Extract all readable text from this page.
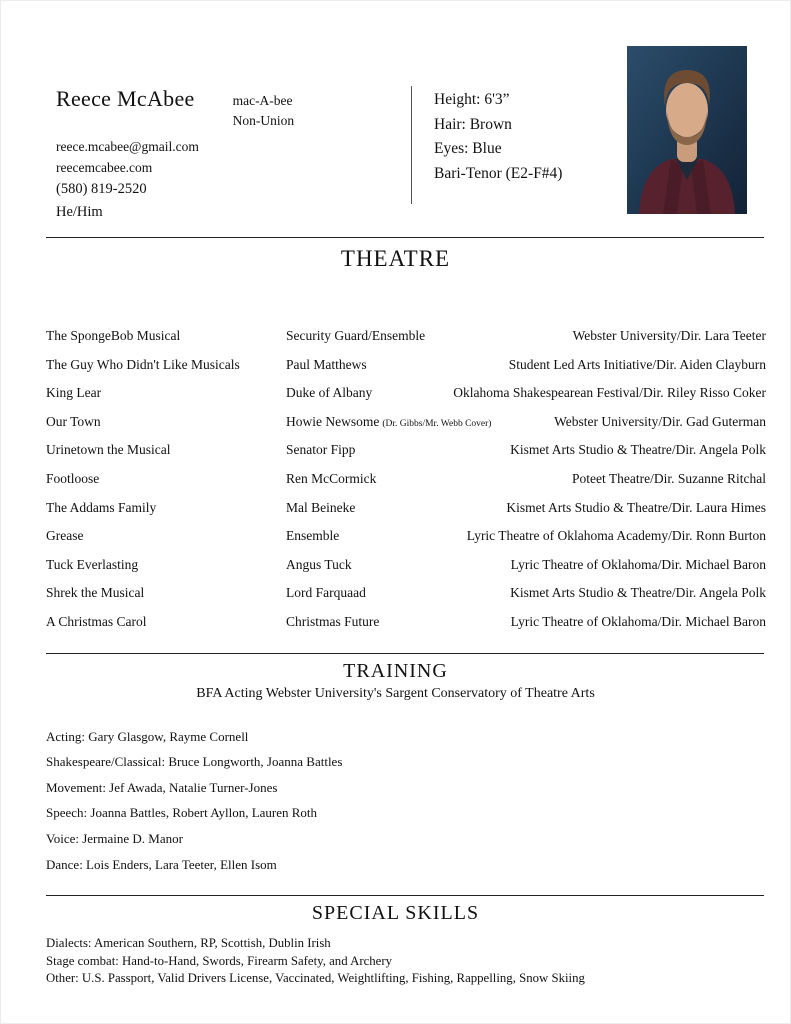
Reece McAbee	mac-A-bee
Non-Union
reece.mcabee@gmail.com
reecemcabee.com
(580) 819-2520
He/Him
Height: 6'3”
Hair: Brown
Eyes: Blue
Bari-Tenor (E2-F#4)
THEATRE
The SpongeBob Musical	Security Guard/Ensemble	Webster University/Dir. Lara Teeter
The Guy Who Didn't Like Musicals	Paul Matthews	Student Led Arts Initiative/Dir. Aiden Clayburn
King Lear	Duke of Albany	Oklahoma Shakespearean Festival/Dir. Riley Risso Coker
Our Town	Howie Newsome (Dr. Gibbs/Mr. Webb Cover)	Webster University/Dir. Gad Guterman
Urinetown the Musical	Senator Fipp	Kismet Arts Studio & Theatre/Dir. Angela Polk
Footloose	Ren McCormick	Poteet Theatre/Dir. Suzanne Ritchal
The Addams Family	Mal Beineke	Kismet Arts Studio & Theatre/Dir. Laura Himes
Grease	Ensemble	Lyric Theatre of Oklahoma Academy/Dir. Ronn Burton
Tuck Everlasting	Angus Tuck	Lyric Theatre of Oklahoma/Dir. Michael Baron
Shrek the Musical	Lord Farquaad	Kismet Arts Studio & Theatre/Dir. Angela Polk
A Christmas Carol	Christmas Future	Lyric Theatre of Oklahoma/Dir. Michael Baron
TRAINING
BFA Acting Webster University's Sargent Conservatory of Theatre Arts
Acting: Gary Glasgow, Rayme Cornell
Shakespeare/Classical: Bruce Longworth, Joanna Battles
Movement: Jef Awada, Natalie Turner-Jones
Speech: Joanna Battles, Robert Ayllon, Lauren Roth
Voice: Jermaine D. Manor
Dance: Lois Enders, Lara Teeter, Ellen Isom
SPECIAL SKILLS
Dialects: American Southern, RP, Scottish, Dublin Irish
Stage combat: Hand-to-Hand, Swords, Firearm Safety, and Archery
Other: U.S. Passport, Valid Drivers License, Vaccinated, Weightlifting, Fishing, Rappelling, Snow Skiing
